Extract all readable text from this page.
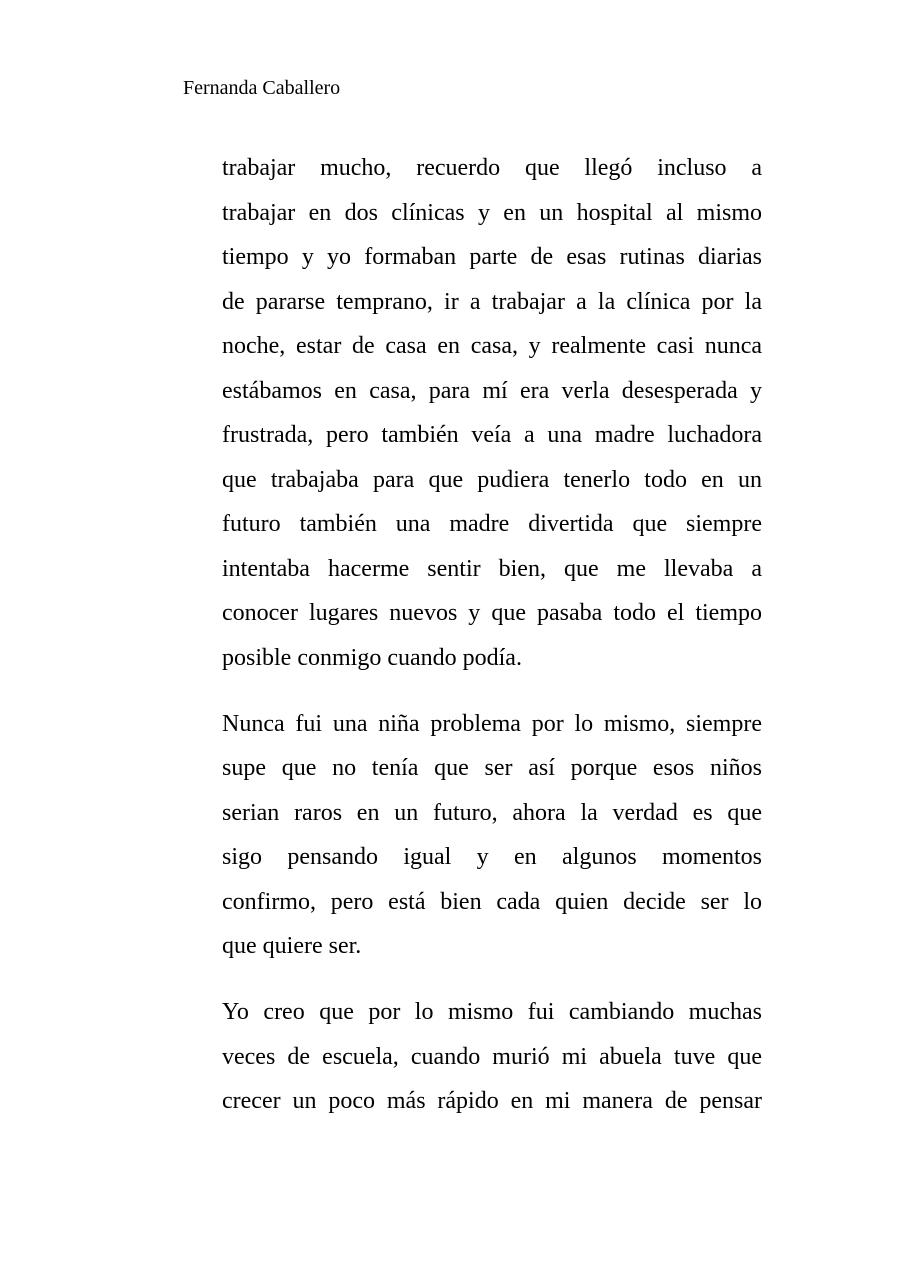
Fernanda Caballero
trabajar mucho, recuerdo que llegó incluso a
trabajar en dos clínicas y en un hospital al mismo
tiempo y yo formaban parte de esas rutinas diarias
de pararse temprano, ir a trabajar a la clínica por la
noche, estar de casa en casa, y realmente casi nunca
estábamos en casa, para mí era verla desesperada y
frustrada, pero también veía a una madre luchadora
que trabajaba para que pudiera tenerlo todo en un
futuro también una madre divertida que siempre
intentaba hacerme sentir bien, que me llevaba a
conocer lugares nuevos y que pasaba todo el tiempo
posible conmigo cuando podía.
Nunca fui una niña problema por lo mismo, siempre
supe que no tenía que ser así porque esos niños
serian raros en un futuro, ahora la verdad es que
sigo pensando igual y en algunos momentos
confirmo, pero está bien cada quien decide ser lo
que quiere ser.
Yo creo que por lo mismo fui cambiando muchas
veces de escuela, cuando murió mi abuela tuve que
crecer un poco más rápido en mi manera de pensar
